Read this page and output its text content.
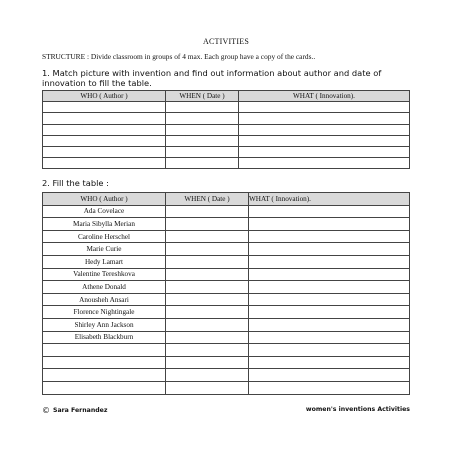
ACTIVITIES
STRUCTURE : Divide classroom in groups of 4 max. Each group have a copy of the cards..
1. Match picture with invention and find out information about author and date of innovation to fill the table.
WHO ( Author )	WHEN ( Date )	WHAT ( Innovation).

2. Fill the table :
WHO ( Author )	WHEN ( Date )	WHAT ( Innovation).
Ada Covelace		
Maria Sibylla Merian		
Caroline Herschel		
Marie Curie		
Hedy Lamart		
Valentine Tereshkova		
Athene Donald		
Anousheh Ansari		
Florence Nightingale		
Shirley Ann Jackson		
Elisabeth Blackburn		

© Sara Fernandez	women's inventions Activities
